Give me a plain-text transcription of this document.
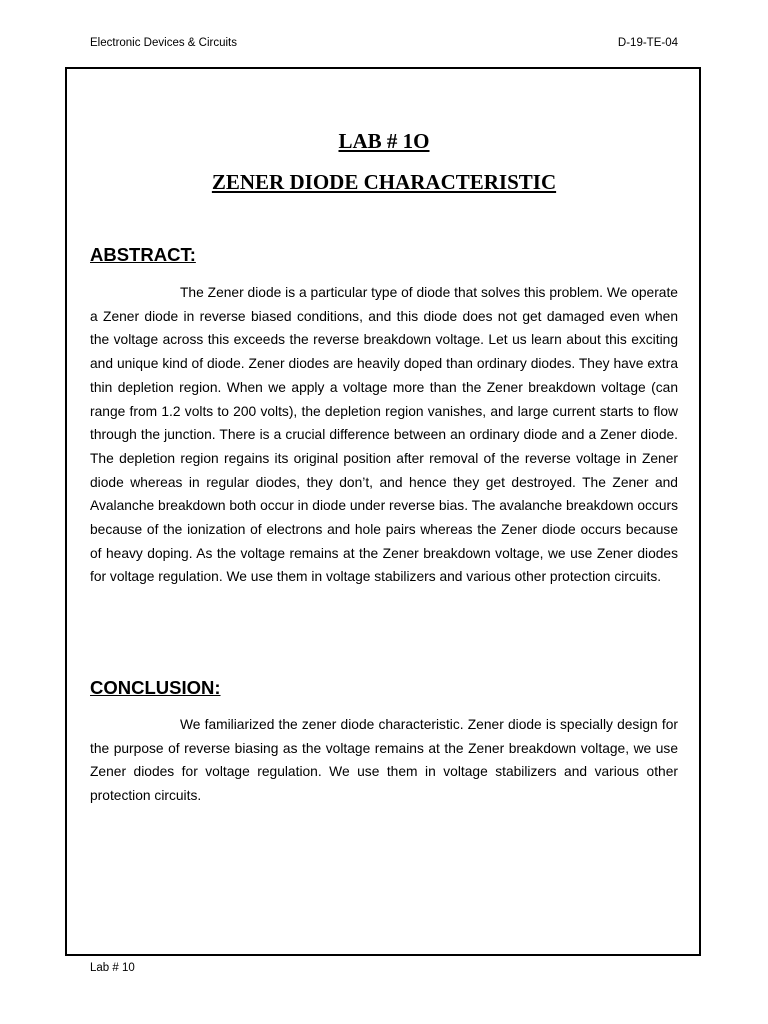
Electronic Devices & Circuits	D-19-TE-04
LAB # 1O
ZENER DIODE CHARACTERISTIC
ABSTRACT:

The Zener diode is a particular type of diode that solves this problem. We operate a Zener diode in reverse biased conditions, and this diode does not get damaged even when the voltage across this exceeds the reverse breakdown voltage. Let us learn about this exciting and unique kind of diode. Zener diodes are heavily doped than ordinary diodes. They have extra thin depletion region. When we apply a voltage more than the Zener breakdown voltage (can range from 1.2 volts to 200 volts), the depletion region vanishes, and large current starts to flow through the junction. There is a crucial difference between an ordinary diode and a Zener diode. The depletion region regains its original position after removal of the reverse voltage in Zener diode whereas in regular diodes, they don’t, and hence they get destroyed. The Zener and Avalanche breakdown both occur in diode under reverse bias. The avalanche breakdown occurs because of the ionization of electrons and hole pairs whereas the Zener diode occurs because of heavy doping. As the voltage remains at the Zener breakdown voltage, we use Zener diodes for voltage regulation. We use them in voltage stabilizers and various other protection circuits.

CONCLUSION:

We familiarized the zener diode characteristic. Zener diode is specially design for the purpose of reverse biasing as the voltage remains at the Zener breakdown voltage, we use Zener diodes for voltage regulation. We use them in voltage stabilizers and various other protection circuits.

Lab # 10
